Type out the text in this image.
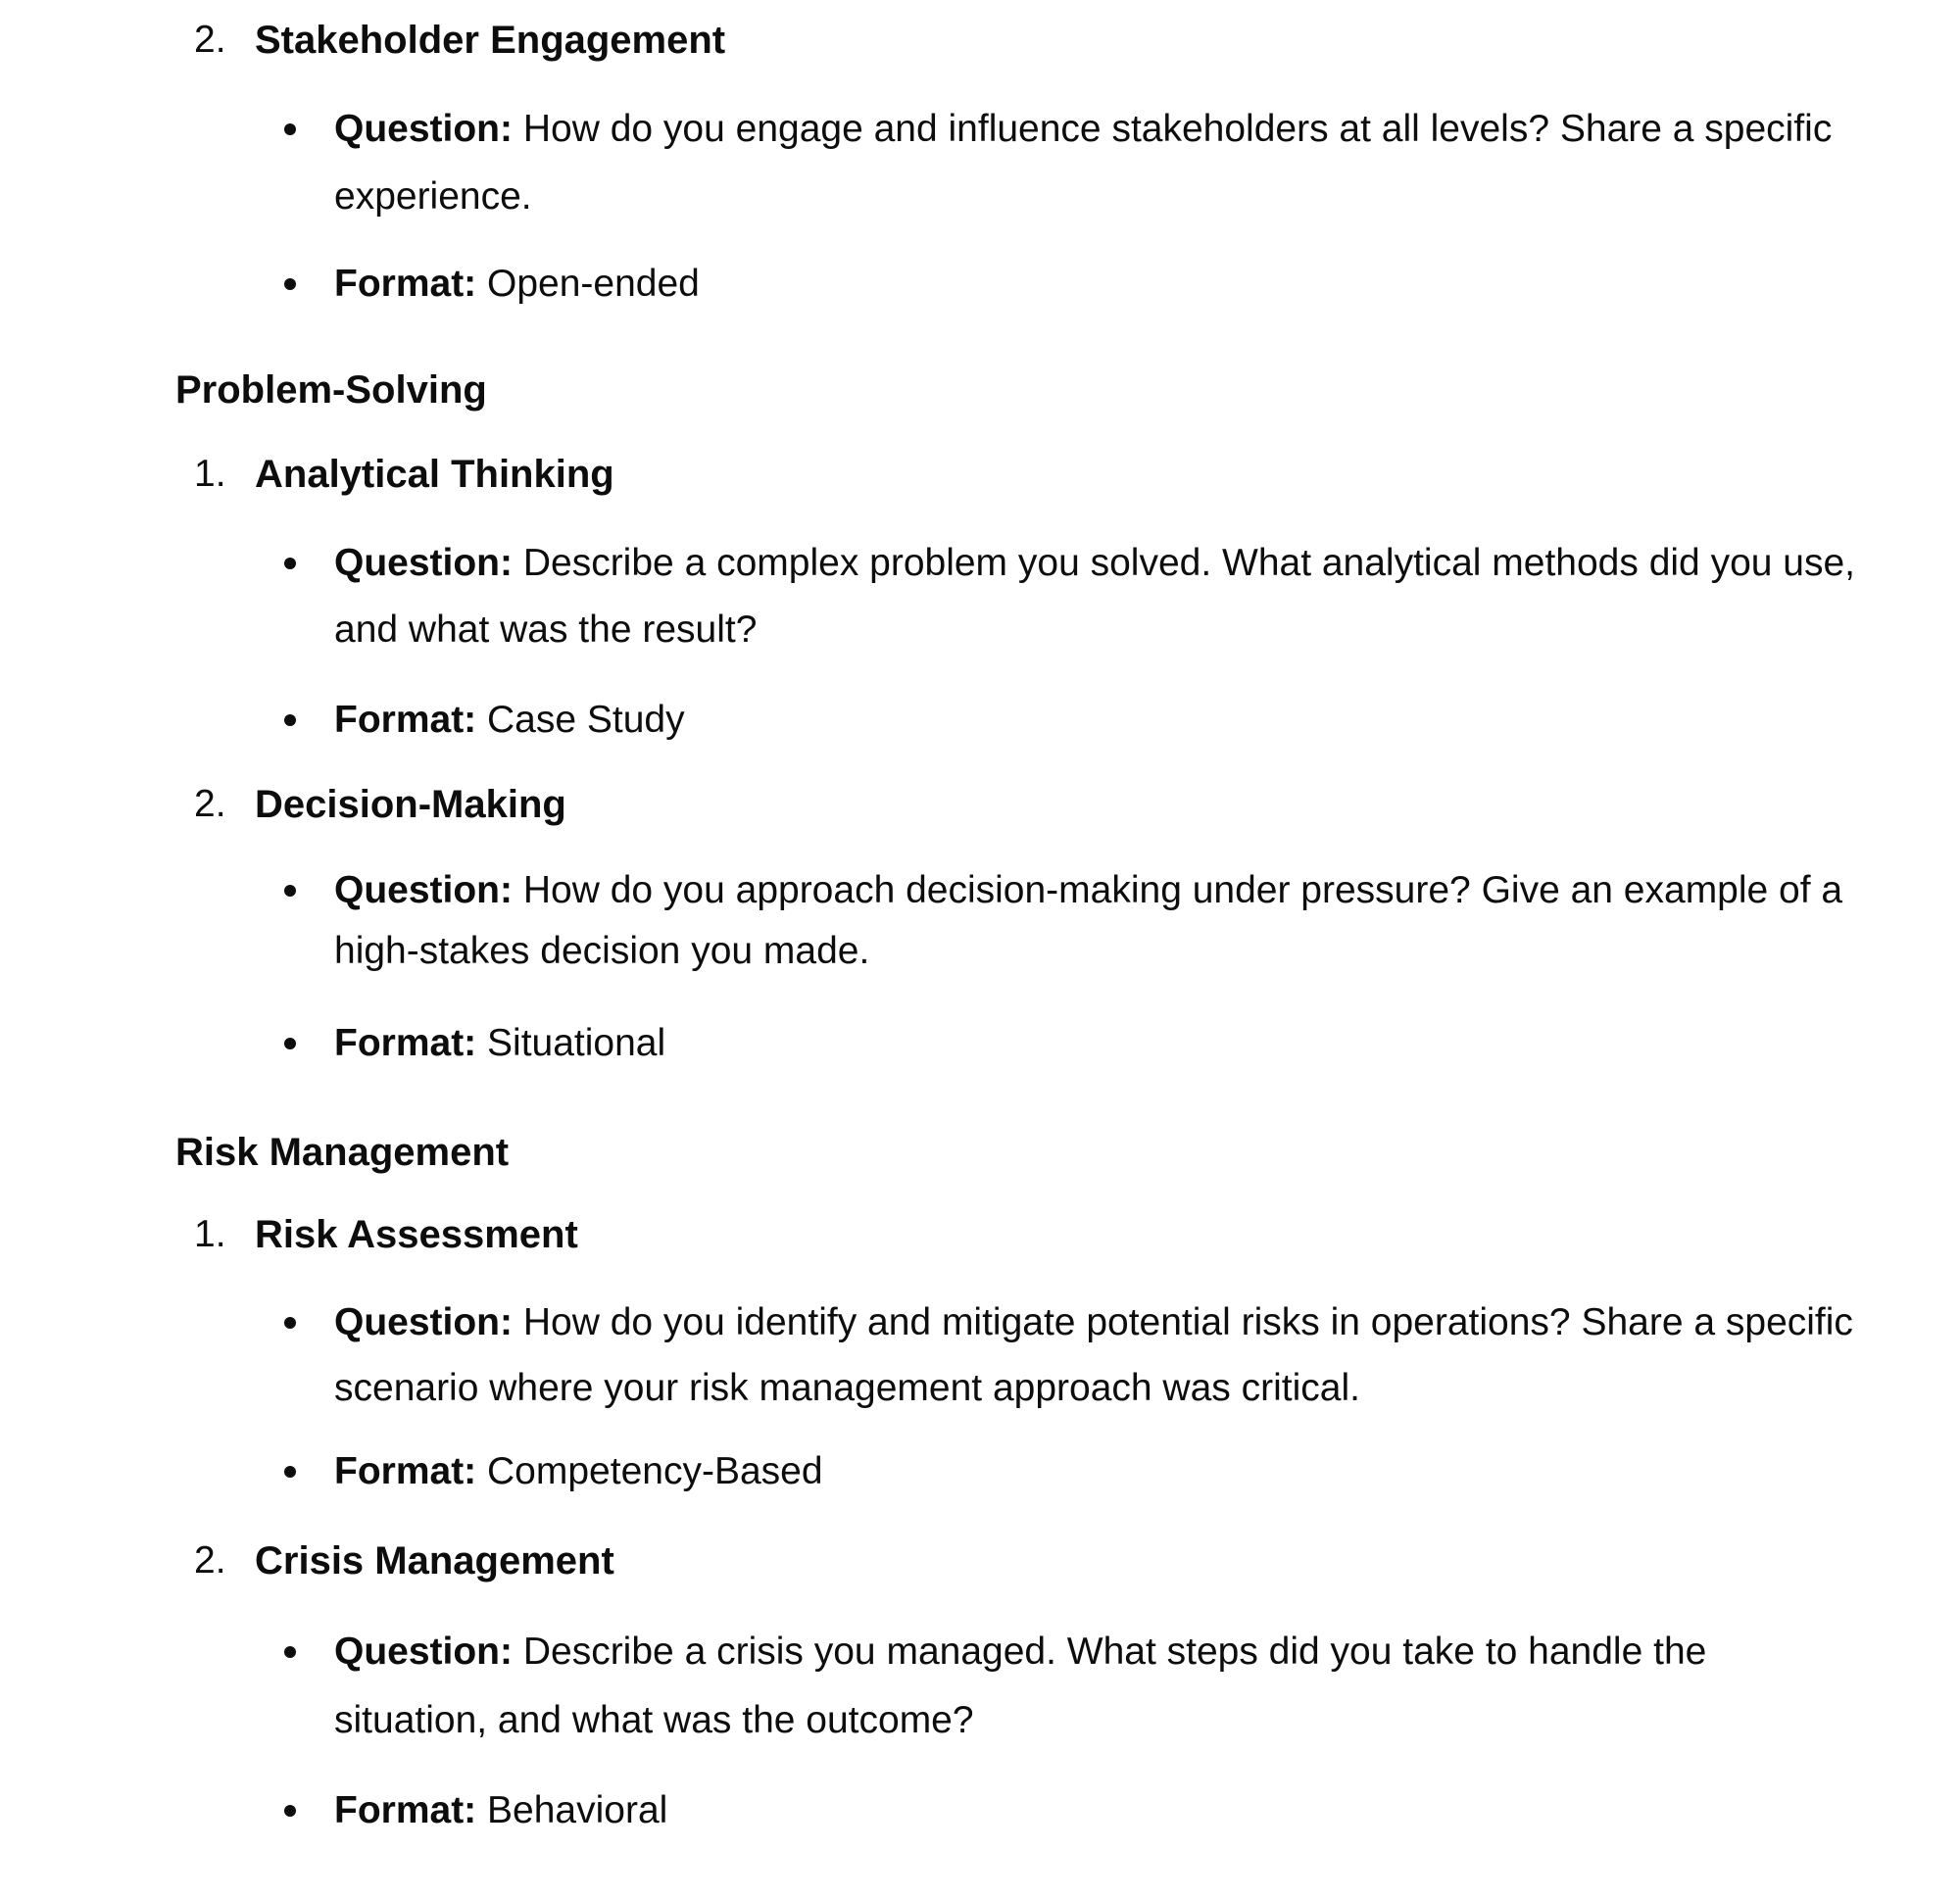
2. Stakeholder Engagement
Question: How do you engage and influence stakeholders at all levels? Share a specific
experience.
Format: Open-ended
Problem-Solving
1. Analytical Thinking
Question: Describe a complex problem you solved. What analytical methods did you use,
and what was the result?
Format: Case Study
2. Decision-Making
Question: How do you approach decision-making under pressure? Give an example of a
high-stakes decision you made.
Format: Situational
Risk Management
1. Risk Assessment
Question: How do you identify and mitigate potential risks in operations? Share a specific
scenario where your risk management approach was critical.
Format: Competency-Based
2. Crisis Management
Question: Describe a crisis you managed. What steps did you take to handle the
situation, and what was the outcome?
Format: Behavioral
